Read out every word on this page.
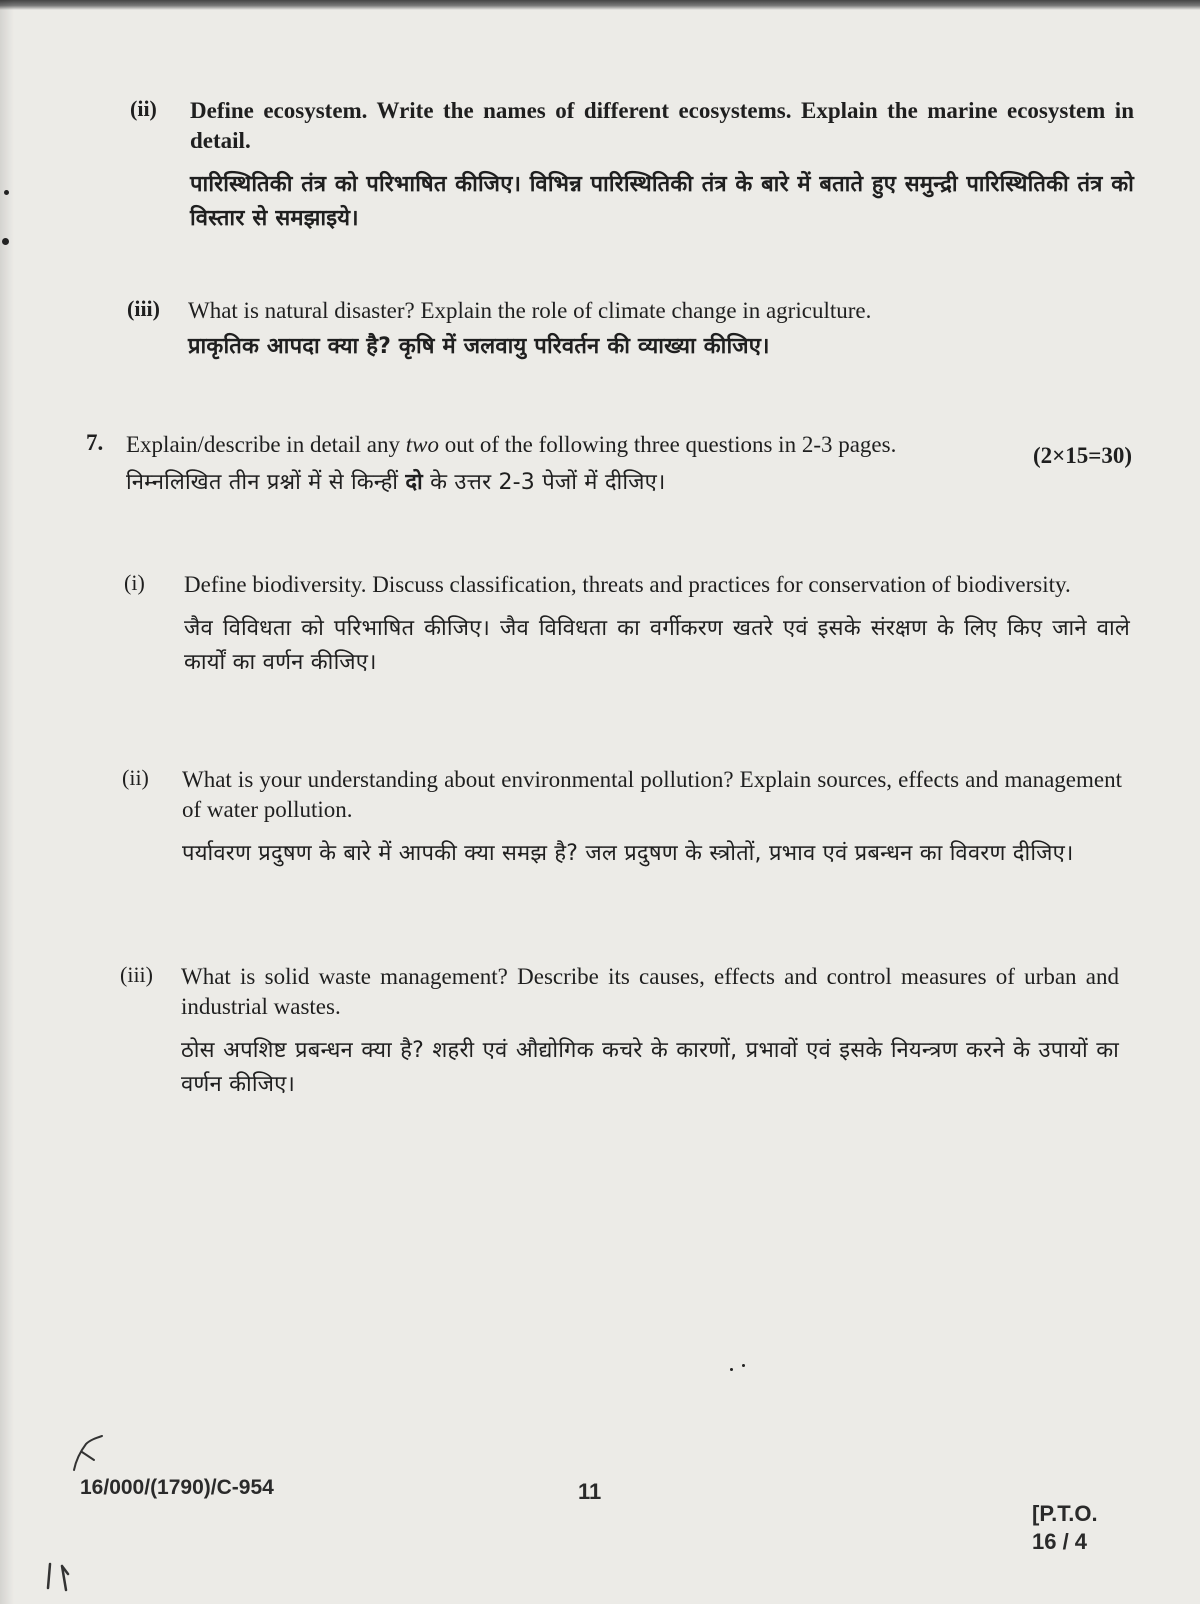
(ii) Define ecosystem. Write the names of different ecosystems. Explain the marine ecosystem in detail.
पारिस्थितिकी तंत्र को परिभाषित कीजिए। विभिन्न पारिस्थितिकी तंत्र के बारे में बताते हुए समुन्द्री पारिस्थितिकी तंत्र को विस्तार से समझाइये।
(iii) What is natural disaster? Explain the role of climate change in agriculture.
प्राकृतिक आपदा क्या है? कृषि में जलवायु परिवर्तन की व्याख्या कीजिए।
7. Explain/describe in detail any two out of the following three questions in 2-3 pages.
निम्नलिखित तीन प्रश्नों में से किन्हीं दो के उत्तर 2-3 पेजों में दीजिए।
(2×15=30)
(i) Define biodiversity. Discuss classification, threats and practices for conservation of biodiversity.
जैव विविधता को परिभाषित कीजिए। जैव विविधता का वर्गीकरण खतरे एवं इसके संरक्षण के लिए किए जाने वाले कार्यों का वर्णन कीजिए।
(ii) What is your understanding about environmental pollution? Explain sources, effects and management of water pollution.
पर्यावरण प्रदुषण के बारे में आपकी क्या समझ है? जल प्रदुषण के स्त्रोतों, प्रभाव एवं प्रबन्धन का विवरण दीजिए।
(iii) What is solid waste management? Describe its causes, effects and control measures of urban and industrial wastes.
ठोस अपशिष्ट प्रबन्धन क्या है? शहरी एवं औद्योगिक कचरे के कारणों, प्रभावों एवं इसके नियन्त्रण करने के उपायों का वर्णन कीजिए।
16/000/(1790)/C-954	11
[P.T.O.
16 / 4
